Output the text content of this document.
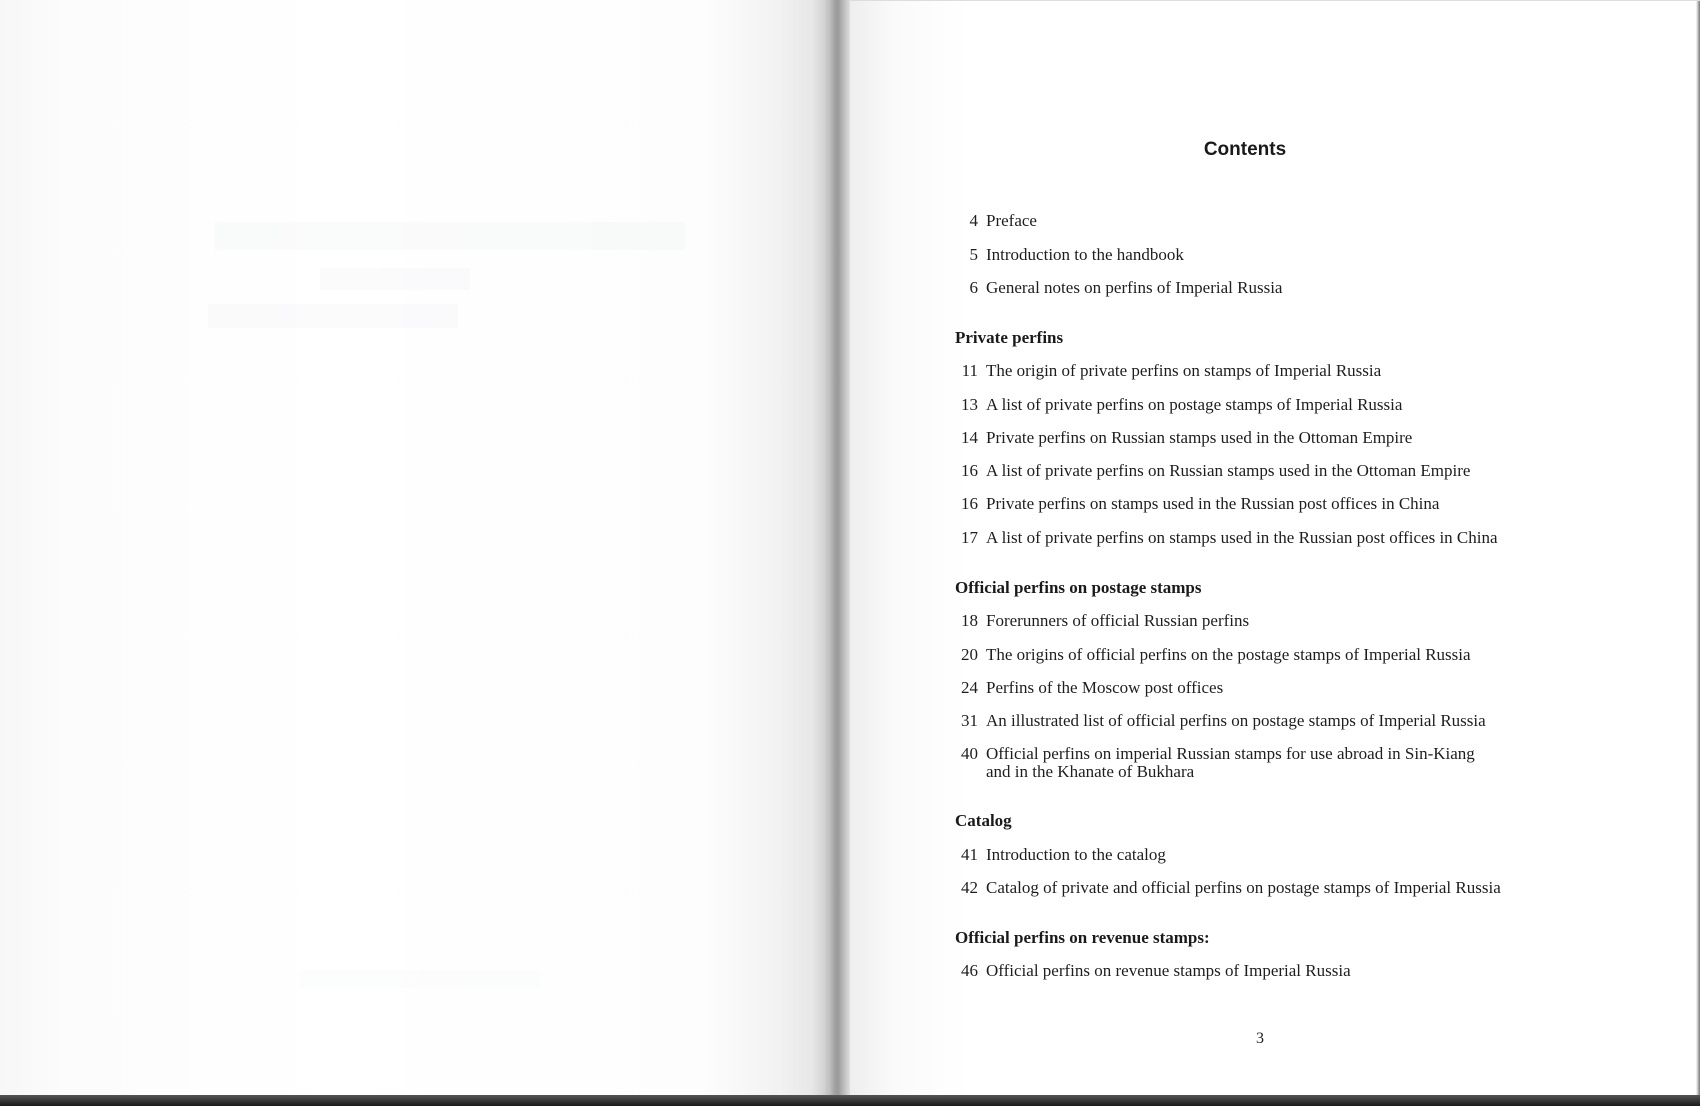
Contents
4 Preface
5 Introduction to the handbook
6 General notes on perfins of Imperial Russia
Private perfins
11 The origin of private perfins on stamps of Imperial Russia
13 A list of private perfins on postage stamps of Imperial Russia
14 Private perfins on Russian stamps used in the Ottoman Empire
16 A list of private perfins on Russian stamps used in the Ottoman Empire
16 Private perfins on stamps used in the Russian post offices in China
17 A list of private perfins on stamps used in the Russian post offices in China
Official perfins on postage stamps
18 Forerunners of official Russian perfins
20 The origins of official perfins on the postage stamps of Imperial Russia
24 Perfins of the Moscow post offices
31 An illustrated list of official perfins on postage stamps of Imperial Russia
40 Official perfins on imperial Russian stamps for use abroad in Sin-Kiang
and in the Khanate of Bukhara
Catalog
41 Introduction to the catalog
42 Catalog of private and official perfins on postage stamps of Imperial Russia
Official perfins on revenue stamps:
46 Official perfins on revenue stamps of Imperial Russia
3
